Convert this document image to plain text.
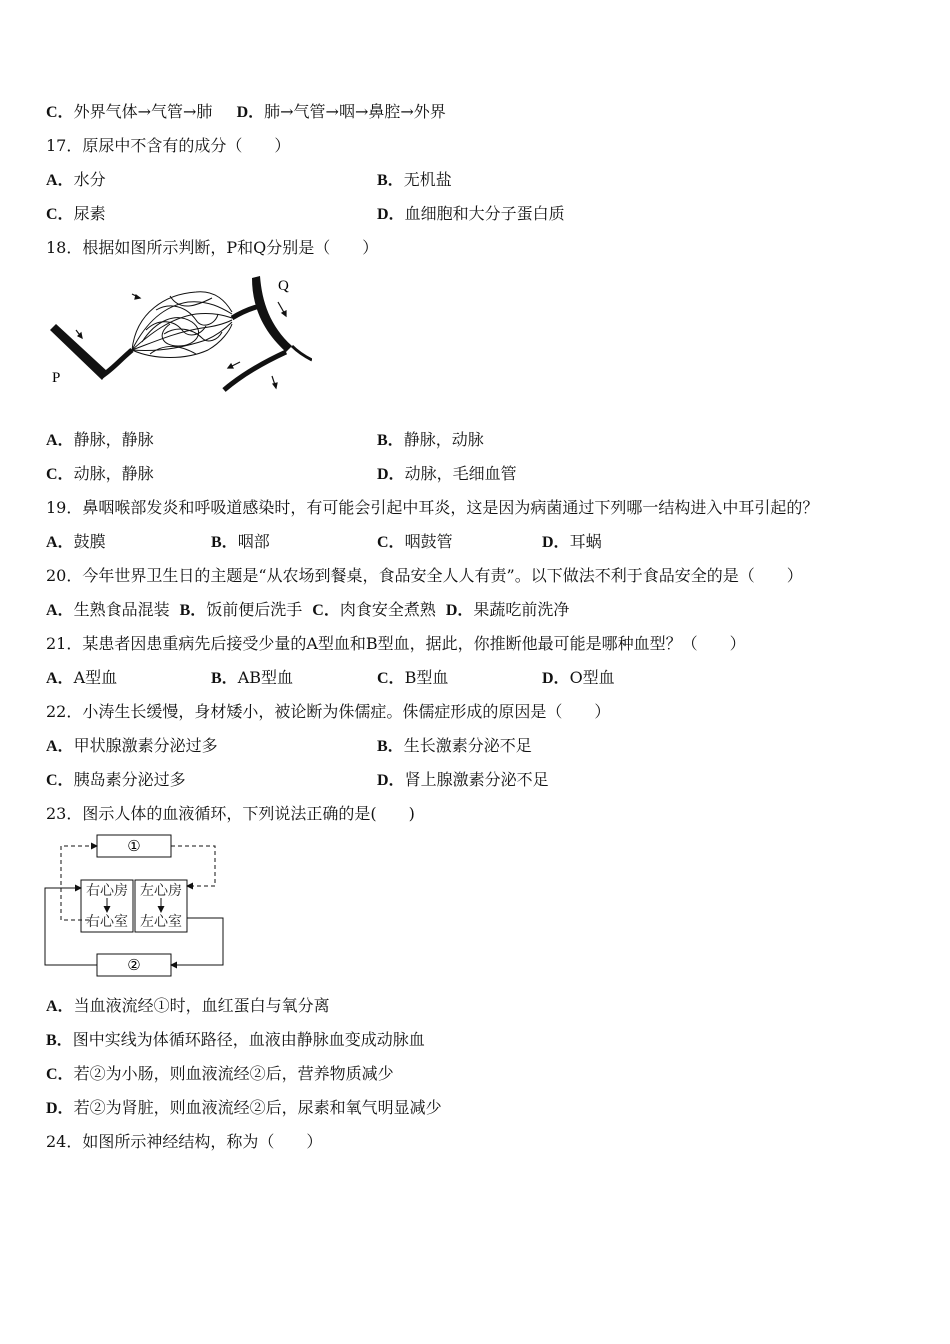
C．外界气体→气管→肺 D．肺→气管→咽→鼻腔→外界
17．原尿中不含有的成分（　　）
A．水分	B．无机盐
C．尿素	D．血细胞和大分子蛋白质
18．根据如图所示判断，P和Q分别是（　　）
P
Q
A．静脉，静脉	B．静脉，动脉
C．动脉，静脉	D．动脉，毛细血管
19．鼻咽喉部发炎和呼吸道感染时，有可能会引起中耳炎，这是因为病菌通过下列哪一结构进入中耳引起的？
A．鼓膜	B．咽部	C．咽鼓管	D．耳蜗
20．今年世界卫生日的主题是“从农场到餐桌，食品安全人人有责”。以下做法不利于食品安全的是（　　）
A．生熟食品混装 B．饭前便后洗手 C．肉食安全煮熟 D．果蔬吃前洗净
21．某患者因患重病先后接受少量的A型血和B型血，据此，你推断他最可能是哪种血型？（　　）
A．A型血	B．AB型血	C．B型血	D．O型血
22．小涛生长缓慢，身材矮小，被论断为侏儒症。侏儒症形成的原因是（　　）
A．甲状腺激素分泌过多	B．生长激素分泌不足
C．胰岛素分泌过多	D．肾上腺激素分泌不足
23．图示人体的血液循环，下列说法正确的是(　　)
①
②
右心房
右心室
左心房
左心室
A．当血液流经①时，血红蛋白与氧分离
B．图中实线为体循环路径，血液由静脉血变成动脉血
C．若②为小肠，则血液流经②后，营养物质减少
D．若②为肾脏，则血液流经②后，尿素和氧气明显减少
24．如图所示神经结构，称为（　　）
